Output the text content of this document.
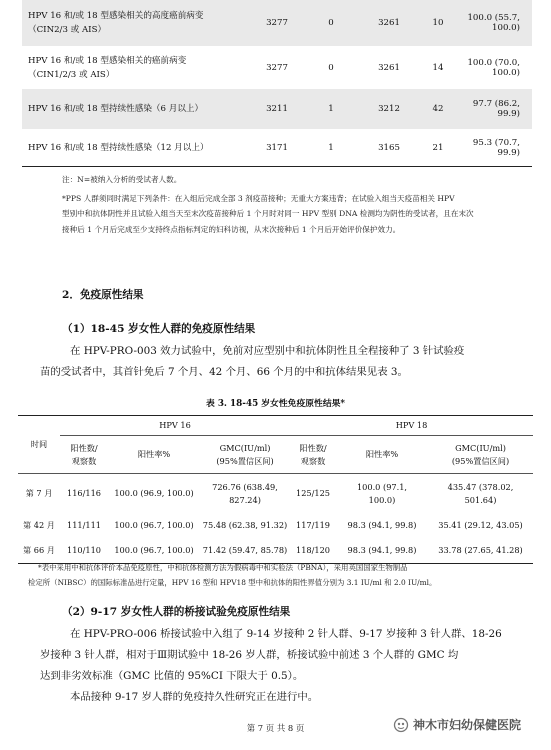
HPV 16 和/或 18 型感染相关的高度癌前病变
（CIN2/3 或 AIS）	3277	0	3261	10	100.0 (55.7, 100.0)
HPV 16 和/或 18 型感染相关的癌前病变
（CIN1/2/3 或 AIS）	3277	0	3261	14	100.0 (70.0, 100.0)
HPV 16 和/或 18 型持续性感染（6 月以上）	3211	1	3212	42	97.7 (86.2, 99.9)
HPV 16 和/或 18 型持续性感染（12 月以上）	3171	1	3165	21	95.3 (70.7, 99.9)
注：N=被纳入分析的受试者人数。
*PPS 人群须同时满足下列条件：在入组后完成全部 3 剂疫苗接种；无重大方案违背；在试验入组当天疫苗相关 HPV
型别中和抗体阴性并且试验入组当天至末次疫苗接种后 1 个月时对同一 HPV 型别 DNA 检测均为阴性的受试者，且在末次
接种后 1 个月后完成至少支持终点指标判定的妇科访视，从末次接种后 1 个月后开始评价保护效力。
2．免疫原性结果
（1）18-45 岁女性人群的免疫原性结果
在 HPV-PRO-003 效力试验中，免前对应型别中和抗体阴性且全程接种了 3 针试验疫
苗的受试者中，其首针免后 7 个月、42 个月、66 个月的中和抗体结果见表 3。
表 3. 18-45 岁女性免疫原性结果*
时间	HPV 16			HPV 18		
	阳性数/
观察数	阳性率%	GMC(IU/ml)
(95%置信区间)	阳性数/
观察数	阳性率%	GMC(IU/ml)
(95%置信区间)
第 7 月	116/116	100.0 (96.9, 100.0)	726.76 (638.49,
827.24)	125/125	100.0 (97.1,
100.0)	435.47 (378.02,
501.64)
第 42 月	111/111	100.0 (96.7, 100.0)	75.48 (62.38, 91.32)	117/119	98.3 (94.1, 99.8)	35.41 (29.12, 43.05)
第 66 月	110/110	100.0 (96.7, 100.0)	71.42 (59.47, 85.78)	118/120	98.3 (94.1, 99.8)	33.78 (27.65, 41.28)
*表中采用中和抗体评价本品免疫原性，中和抗体检测方法为假病毒中和实验法（PBNA），采用英国国家生物制品
检定所（NIBSC）的国际标准品进行定量，HPV 16 型和 HPV18 型中和抗体的阳性界值分别为 3.1 IU/ml 和 2.0 IU/ml。
（2）9-17 岁女性人群的桥接试验免疫原性结果
在 HPV-PRO-006 桥接试验中入组了 9-14 岁接种 2 针人群、9-17 岁接种 3 针人群、18-26
岁接种 3 针人群，相对于Ⅲ期试验中 18-26 岁人群，桥接试验中前述 3 个人群的 GMC 均
达到非劣效标准（GMC 比值的 95%CI 下限大于 0.5）。
本品接种 9-17 岁人群的免疫持久性研究正在进行中。
第 7 页 共 8 页	神木市妇幼保健医院
